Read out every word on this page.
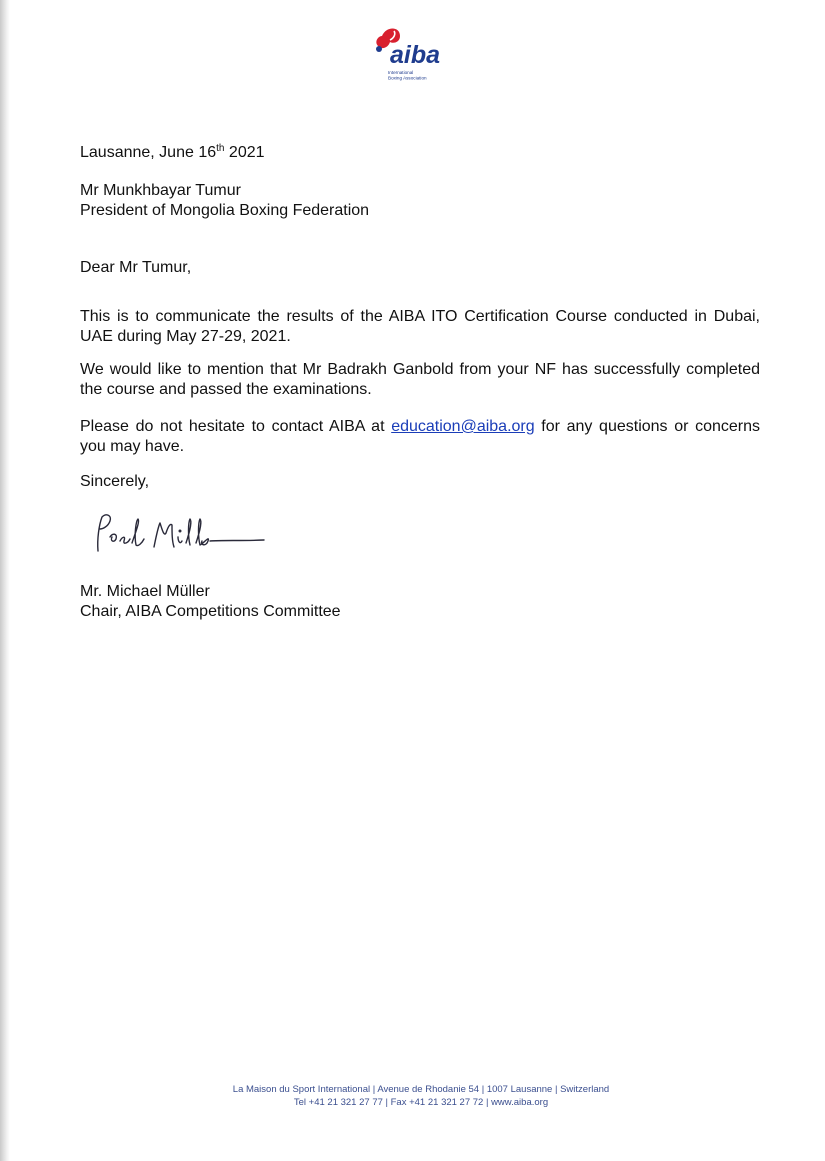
aiba
International
Boxing Association
Lausanne, June 16th 2021

Mr Munkhbayar Tumur

President of Mongolia Boxing Federation

Dear Mr Tumur,

This is to communicate the results of the AIBA ITO Certification Course conducted in Dubai, UAE during May 27-29, 2021.

We would like to mention that Mr Badrakh Ganbold from your NF has successfully completed the course and passed the examinations.

Please do not hesitate to contact AIBA at education@aiba.org for any questions or concerns you may have.

Sincerely,

Mr. Michael Müller

Chair, AIBA Competitions Committee

La Maison du Sport International | Avenue de Rhodanie 54 | 1007 Lausanne | Switzerland

Tel +41 21 321 27 77 | Fax +41 21 321 27 72 | www.aiba.org
